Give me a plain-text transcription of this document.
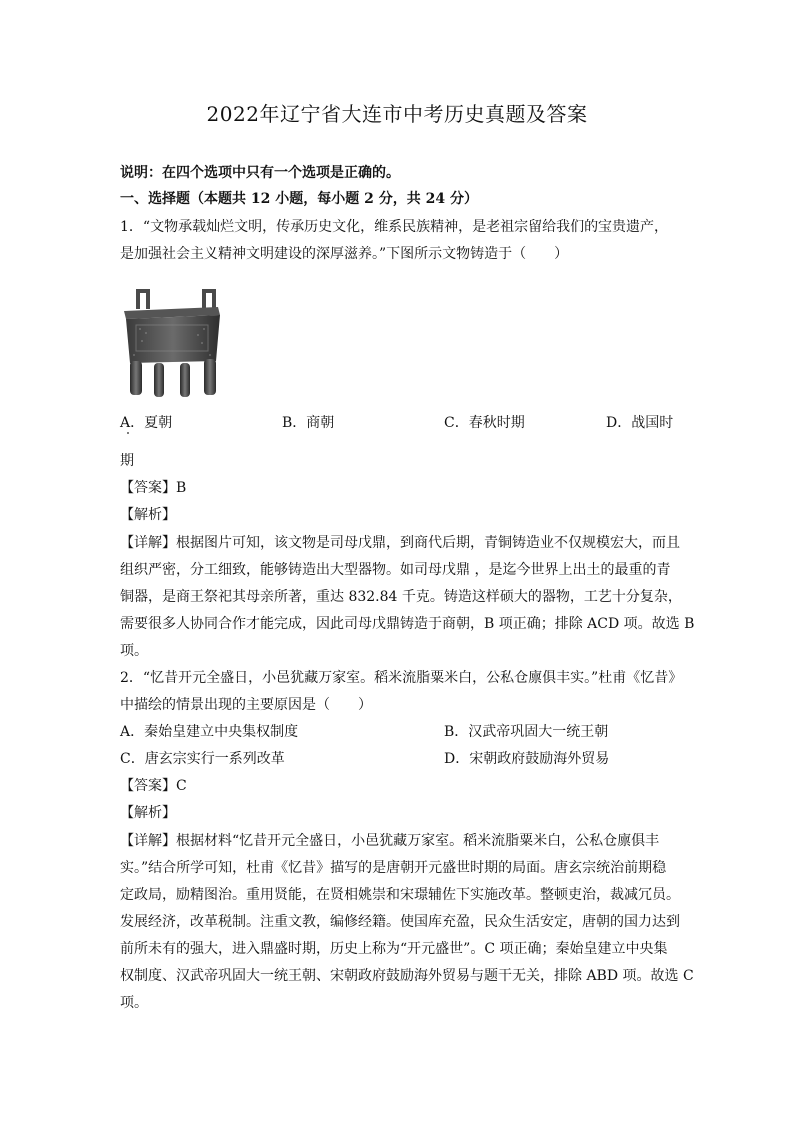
2022年辽宁省大连市中考历史真题及答案
说明：在四个选项中只有一个选项是正确的。
一、选择题（本题共 12 小题，每小题 2 分，共 24 分）
1．“文物承载灿烂文明，传承历史文化，维系民族精神，是老祖宗留给我们的宝贵遗产，
是加强社会主义精神文明建设的深厚滋养。”下图所示文物铸造于（　　）
A．夏朝	B．商朝	C．春秋时期	D．战国时
期
【答案】B
【解析】
【详解】根据图片可知，该文物是司母戊鼎，到商代后期，青铜铸造业不仅规模宏大，而且
组织严密，分工细致，能够铸造出大型器物。如司母戊鼎 ，是迄今世界上出土的最重的青
铜器，是商王祭祀其母亲所著，重达 832.84 千克。铸造这样硕大的器物，工艺十分复杂，
需要很多人协同合作才能完成，因此司母戊鼎铸造于商朝，B 项正确；排除 ACD 项。故选 B
项。
2．“忆昔开元全盛日，小邑犹藏万家室。稻米流脂粟米白，公私仓廪俱丰实。”杜甫《忆昔》
中描绘的情景出现的主要原因是（　　）
A．秦始皇建立中央集权制度	B．汉武帝巩固大一统王朝
C．唐玄宗实行一系列改革	D．宋朝政府鼓励海外贸易
【答案】C
【解析】
【详解】根据材料“忆昔开元全盛日，小邑犹藏万家室。稻米流脂粟米白，公私仓廪俱丰
实。”结合所学可知，杜甫《忆昔》描写的是唐朝开元盛世时期的局面。唐玄宗统治前期稳
定政局，励精图治。重用贤能，在贤相姚崇和宋璟辅佐下实施改革。整顿吏治，裁减冗员。
发展经济，改革税制。注重文教，编修经籍。使国库充盈，民众生活安定，唐朝的国力达到
前所未有的强大，进入鼎盛时期，历史上称为“开元盛世”。C 项正确；秦始皇建立中央集
权制度、汉武帝巩固大一统王朝、宋朝政府鼓励海外贸易与题干无关，排除 ABD 项。故选 C
项。
